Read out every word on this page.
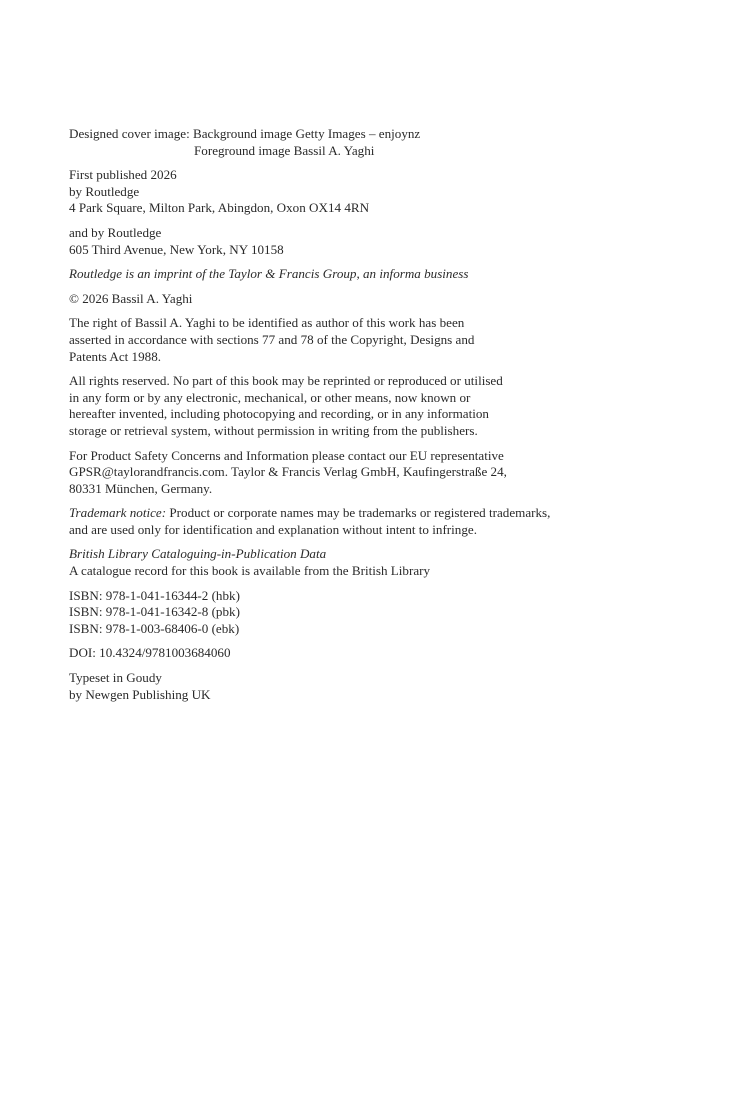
Designed cover image: Background image Getty Images – enjoynz
Foreground image Bassil A. Yaghi

First published 2026
by Routledge
4 Park Square, Milton Park, Abingdon, Oxon OX14 4RN

and by Routledge
605 Third Avenue, New York, NY 10158

Routledge is an imprint of the Taylor & Francis Group, an informa business

© 2026 Bassil A. Yaghi

The right of Bassil A. Yaghi to be identified as author of this work has been
asserted in accordance with sections 77 and 78 of the Copyright, Designs and
Patents Act 1988.

All rights reserved. No part of this book may be reprinted or reproduced or utilised
in any form or by any electronic, mechanical, or other means, now known or
hereafter invented, including photocopying and recording, or in any information
storage or retrieval system, without permission in writing from the publishers.

For Product Safety Concerns and Information please contact our EU representative
GPSR@taylorandfrancis.com. Taylor & Francis Verlag GmbH, Kaufingerstraße 24,
80331 München, Germany.

Trademark notice: Product or corporate names may be trademarks or registered trademarks,
and are used only for identification and explanation without intent to infringe.

British Library Cataloguing-in-Publication Data
A catalogue record for this book is available from the British Library

ISBN: 978-1-041-16344-2 (hbk)
ISBN: 978-1-041-16342-8 (pbk)
ISBN: 978-1-003-68406-0 (ebk)

DOI: 10.4324/9781003684060

Typeset in Goudy
by Newgen Publishing UK
